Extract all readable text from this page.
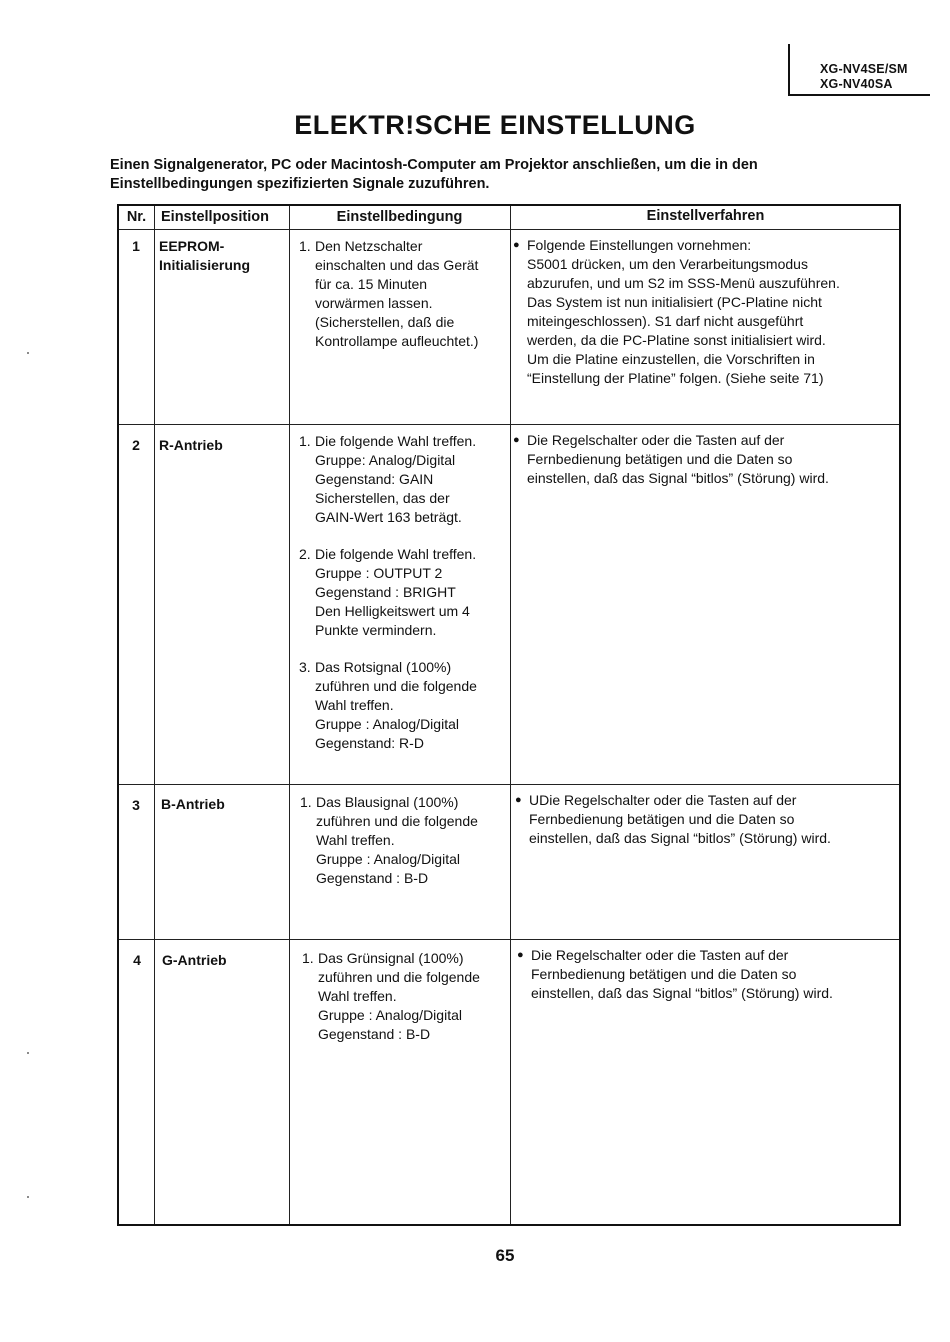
XG-NV4SE/SM
XG-NV40SA
ELEKTR!SCHE EINSTELLUNG
Einen Signalgenerator, PC oder Macintosh-Computer am Projektor anschließen, um die in den Einstellbedingungen spezifizierten Signale zuzuführen.
Nr.	Einstellposition	Einstellbedingung	Einstellverfahren
1	EEPROM-
Initialisierung
1. Den Netzschalter
einschalten und das Gerät
für ca. 15 Minuten
vorwärmen lassen.
(Sicherstellen, daß die
Kontrollampe aufleuchtet.)
● Folgende Einstellungen vornehmen:
S5001 drücken, um den Verarbeitungsmodus
abzurufen, und um S2 im SSS-Menü auszuführen.
Das System ist nun initialisiert (PC-Platine nicht
miteingeschlossen). S1 darf nicht ausgeführt
werden, da die PC-Platine sonst initialisiert wird.
Um die Platine einzustellen, die Vorschriften in
“Einstellung der Platine” folgen. (Siehe seite 71)
2	R-Antrieb	1. Die folgende Wahl treffen.
Gruppe: Analog/Digital
Gegenstand: GAIN
Sicherstellen, das der
GAIN-Wert 163 beträgt.
2. Die folgende Wahl treffen.
Gruppe : OUTPUT 2
Gegenstand : BRIGHT
Den Helligkeitswert um 4
Punkte vermindern.
3. Das Rotsignal (100%)
zuführen und die folgende
Wahl treffen.
Gruppe : Analog/Digital
Gegenstand: R-D
● Die Regelschalter oder die Tasten auf der
Fernbedienung betätigen und die Daten so
einstellen, daß das Signal “bitlos” (Störung) wird.
3	B-Antrieb	1. Das Blausignal (100%)
zuführen und die folgende
Wahl treffen.
Gruppe : Analog/Digital
Gegenstand : B-D
● UDie Regelschalter oder die Tasten auf der
Fernbedienung betätigen und die Daten so
einstellen, daß das Signal “bitlos” (Störung) wird.
4	G-Antrieb	1. Das Grünsignal (100%)
zuführen und die folgende
Wahl treffen.
Gruppe : Analog/Digital
Gegenstand : B-D
● Die Regelschalter oder die Tasten auf der
Fernbedienung betätigen und die Daten so
einstellen, daß das Signal “bitlos” (Störung) wird.
65
